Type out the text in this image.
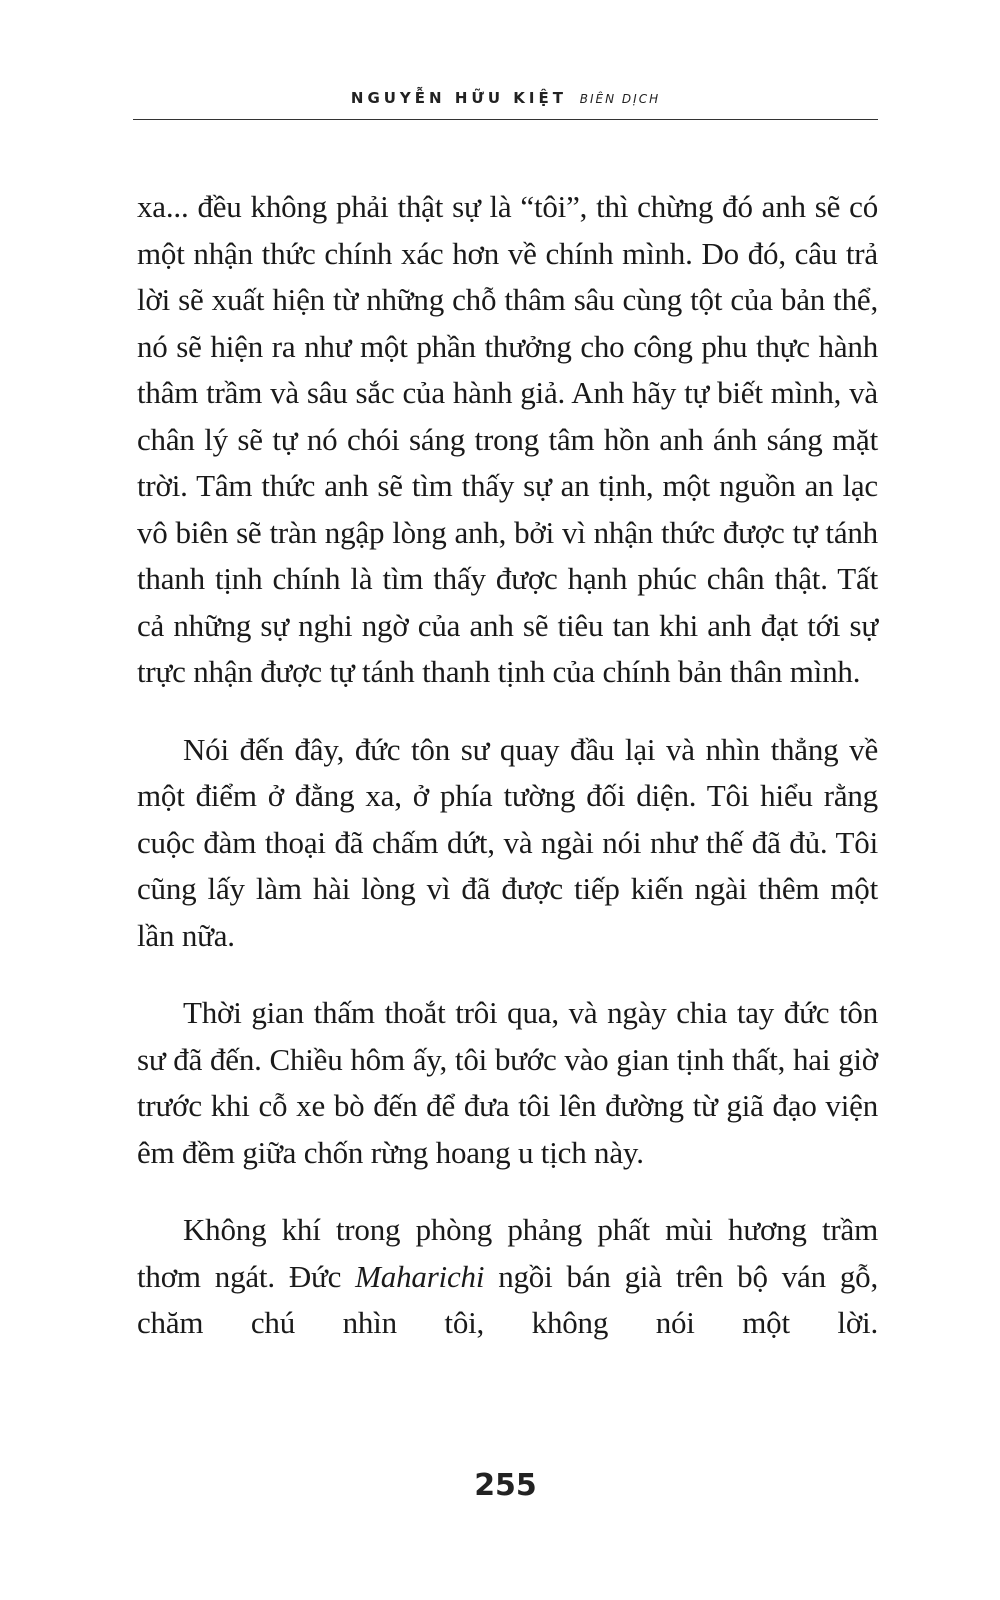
NGUYỄN HỮU KIỆT BIÊN DỊCH

xa... đều không phải thật sự là “tôi”, thì chừng đó anh sẽ có một nhận thức chính xác hơn về chính mình. Do đó, câu trả lời sẽ xuất hiện từ những chỗ thâm sâu cùng tột của bản thể, nó sẽ hiện ra như một phần thưởng cho công phu thực hành thâm trầm và sâu sắc của hành giả. Anh hãy tự biết mình, và chân lý sẽ tự nó chói sáng trong tâm hồn anh ánh sáng mặt trời. Tâm thức anh sẽ tìm thấy sự an tịnh, một nguồn an lạc vô biên sẽ tràn ngập lòng anh, bởi vì nhận thức được tự tánh thanh tịnh chính là tìm thấy được hạnh phúc chân thật. Tất cả những sự nghi ngờ của anh sẽ tiêu tan khi anh đạt tới sự trực nhận được tự tánh thanh tịnh của chính bản thân mình.

Nói đến đây, đức tôn sư quay đầu lại và nhìn thẳng về một điểm ở đằng xa, ở phía tường đối diện. Tôi hiểu rằng cuộc đàm thoại đã chấm dứt, và ngài nói như thế đã đủ. Tôi cũng lấy làm hài lòng vì đã được tiếp kiến ngài thêm một lần nữa.

Thời gian thấm thoắt trôi qua, và ngày chia tay đức tôn sư đã đến. Chiều hôm ấy, tôi bước vào gian tịnh thất, hai giờ trước khi cỗ xe bò đến để đưa tôi lên đường từ giã đạo viện êm đềm giữa chốn rừng hoang u tịch này.

Không khí trong phòng phảng phất mùi hương trầm thơm ngát. Đức Maharichi ngồi bán già trên bộ ván gỗ, chăm chú nhìn tôi, không nói một lời.

255
